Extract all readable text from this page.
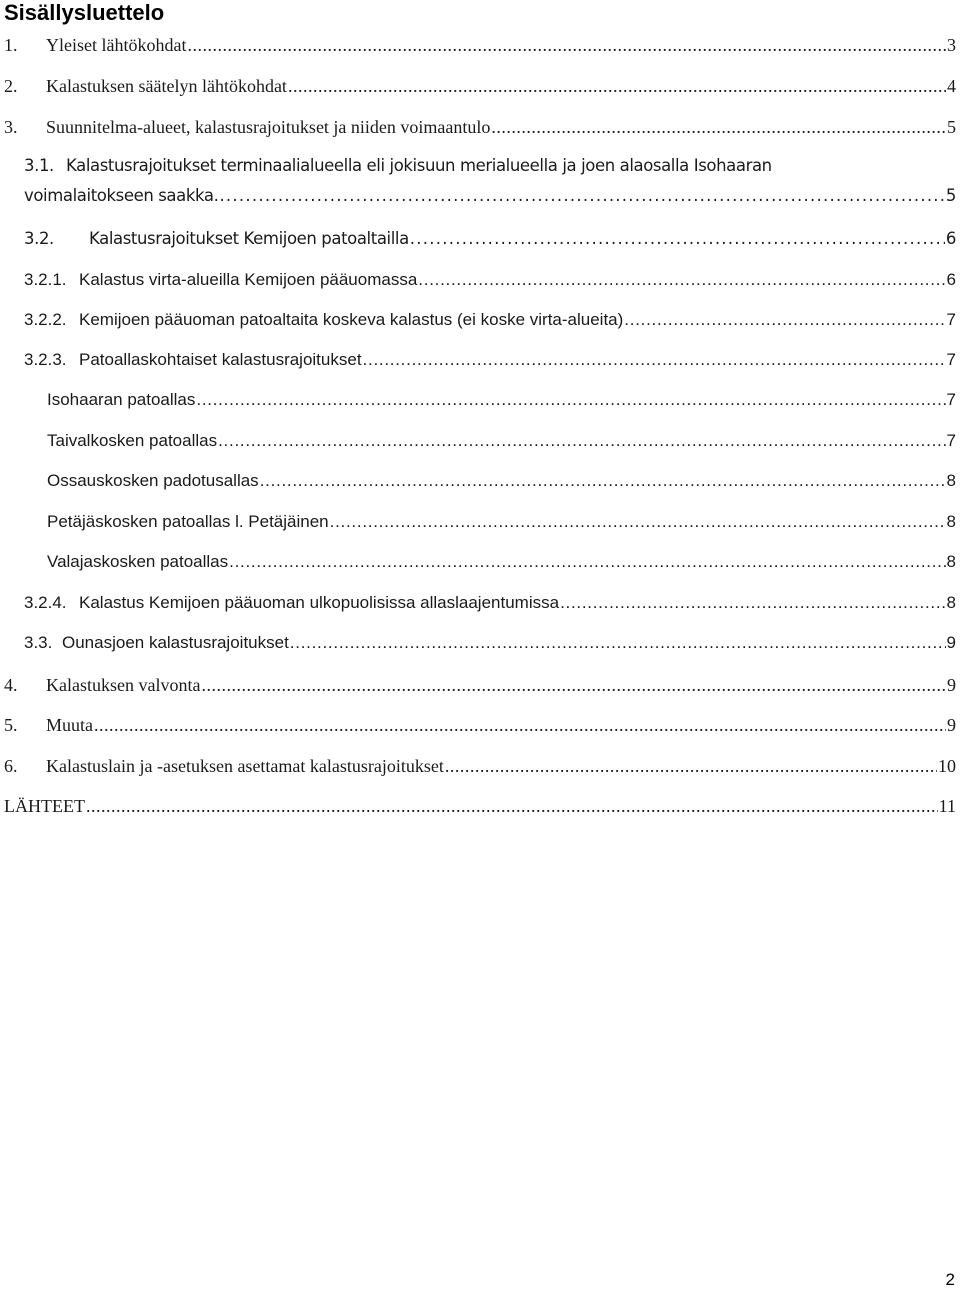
Sisällysluettelo
1.	Yleiset lähtökohdat . . .	3
2.	Kalastuksen säätelyn lähtökohdat . . .	4
3.	Suunnitelma-alueet, kalastusrajoitukset ja niiden voimaantulo . . .	5
3.1. Kalastusrajoitukset terminaalialueella eli jokisuun merialueella ja joen alaosalla Isohaaran
voimalaitokseen saakka. . . .	5
3.2.	Kalastusrajoitukset Kemijoen patoaltailla . . .	6
3.2.1. Kalastus virta-alueilla Kemijoen pääuomassa . . .	6
3.2.2. Kemijoen pääuoman patoaltaita koskeva kalastus (ei koske virta-alueita) . . .	7
3.2.3. Patoallaskohtaiset kalastusrajoitukset . . .	7
Isohaaran patoallas . . .	7
Taivalkosken patoallas . . .	7
Ossauskosken padotusallas . . .	8
Petäjäskosken patoallas l. Petäjäinen . . .	8
Valajaskosken patoallas . . .	8
3.2.4. Kalastus Kemijoen pääuoman ulkopuolisissa allaslaajentumissa . . .	8
3.3. Ounasjoen kalastusrajoitukset . . .	9
4.	Kalastuksen valvonta . . .	9
5.	Muuta . . .	9
6.	Kalastuslain ja -asetuksen asettamat kalastusrajoitukset . . .	10
LÄHTEET . . .	11
2
